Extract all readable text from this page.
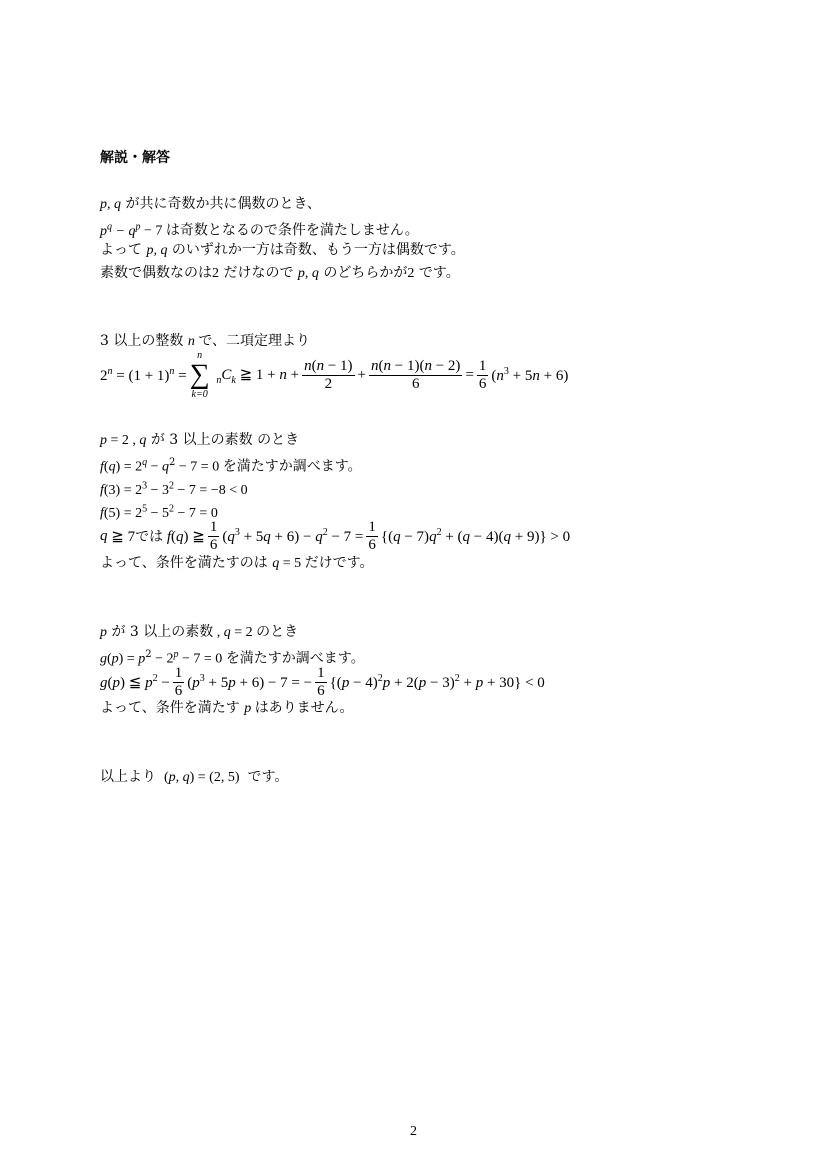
解説・解答
p, q が共に奇数か共に偶数のとき、
$p^q - q^p - 7$ は奇数となるので条件を満たしません。
よって p, q のいずれか一方は奇数、もう一方は偶数です。
素数で偶数なのは2 だけなので p, q のどちらかが2 です。
3 以上の整数 n で、二項定理より
$2^n = (1 + 1)^n$ =
n
∑
k=0
$_nC_k$ ≧ $1 + n + \frac{n(n - 1)}{2} + \frac{n(n - 1)(n - 2)}{6} = \frac{1}{6} (n^3 + 5n + 6)$
p = 2 , q が 3 以上の素数 のとき
$f(q) = 2^q - q^2 - 7 = 0$ を満たすか調べます。
$f(3) = 2^3 - 3^2 - 7 = -8 < 0$
$f(5) = 2^5 - 5^2 - 7 = 0$
q ≧ 7 では f(q) ≧ $\frac{1}{6} (q^3 + 5q + 6) - q^2 - 7 = \frac{1}{6} \{(q - 7)q^2 + (q - 4)(q + 9)\} > 0$
よって、条件を満たすのは q = 5 だけです。
p が 3 以上の素数 , q = 2 のとき
$g(p) = p^2 - 2^p - 7 = 0$ を満たすか調べます。
g(p) ≦ $p^2 - \frac{1}{6} (p^3 + 5p + 6) - 7$ = − $\frac{1}{6} \{(p - 4)^2p + 2(p - 3)^2 + p + 30\} < 0$
よって、条件を満たす p はありません。
以上より  (p, q) = (2, 5)  です。
2
